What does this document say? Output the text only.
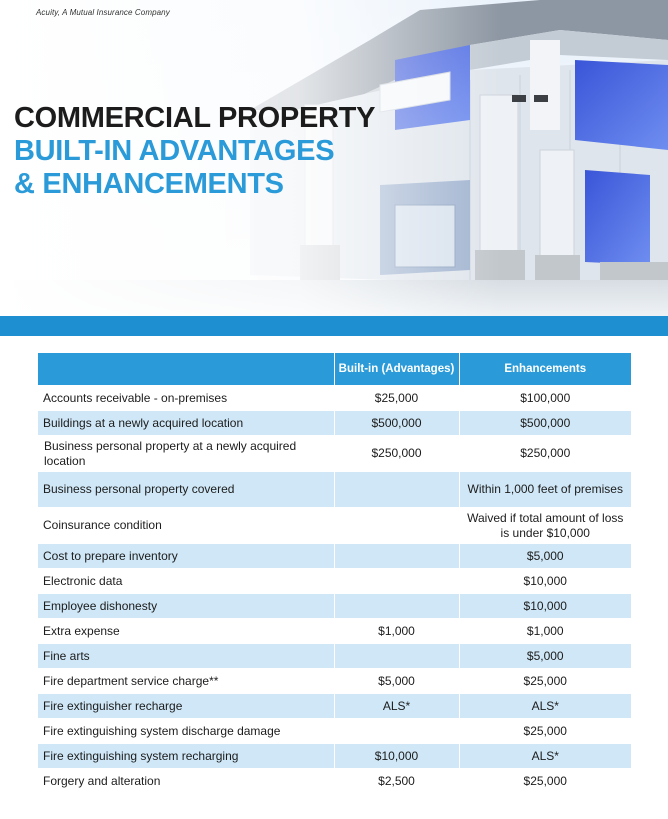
Acuity, A Mutual Insurance Company
COMMERCIAL PROPERTY
BUILT-IN ADVANTAGES
& ENHANCEMENTS
	Built-in (Advantages)	Enhancements
Accounts receivable - on-premises	$25,000	$100,000
Buildings at a newly acquired location	$500,000	$500,000
Business personal property at a newly acquired location	$250,000	$250,000
Business personal property covered		Within 1,000 feet of premises
Coinsurance condition		Waived if total amount of loss is under $10,000
Cost to prepare inventory		$5,000
Electronic data		$10,000
Employee dishonesty		$10,000
Extra expense	$1,000	$1,000
Fine arts		$5,000
Fire department service charge**	$5,000	$25,000
Fire extinguisher recharge	ALS*	ALS*
Fire extinguishing system discharge damage		$25,000
Fire extinguishing system recharging	$10,000	ALS*
Forgery and alteration	$2,500	$25,000
